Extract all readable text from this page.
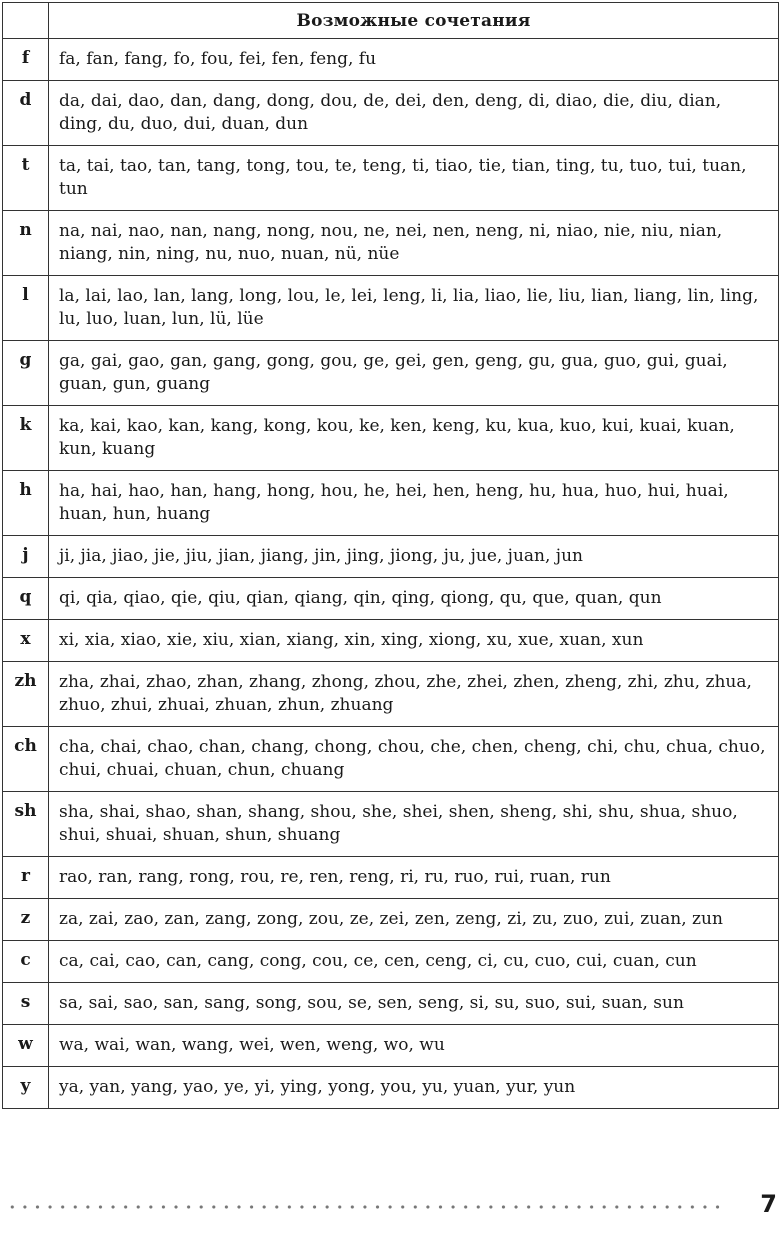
	Возможные сочетания
f	fa, fan, fang, fo, fou, fei, fen, feng, fu
d	da, dai, dao, dan, dang, dong, dou, de, dei, den, deng, di, diao, die, diu, dian, ding, du, duo, dui, duan, dun
t	ta, tai, tao, tan, tang, tong, tou, te, teng, ti, tiao, tie, tian, ting, tu, tuo, tui, tuan, tun
n	na, nai, nao, nan, nang, nong, nou, ne, nei, nen, neng, ni, niao, nie, niu, nian, niang, nin, ning, nu, nuo, nuan, nü, nüe
l	la, lai, lao, lan, lang, long, lou, le, lei, leng, li, lia, liao, lie, liu, lian, liang, lin, ling, lu, luo, luan, lun, lü, lüe
g	ga, gai, gao, gan, gang, gong, gou, ge, gei, gen, geng, gu, gua, guo, gui, guai, guan, gun, guang
k	ka, kai, kao, kan, kang, kong, kou, ke, ken, keng, ku, kua, kuo, kui, kuai, kuan, kun, kuang
h	ha, hai, hao, han, hang, hong, hou, he, hei, hen, heng, hu, hua, huo, hui, huai, huan, hun, huang
j	ji, jia, jiao, jie, jiu, jian, jiang, jin, jing, jiong, ju, jue, juan, jun
q	qi, qia, qiao, qie, qiu, qian, qiang, qin, qing, qiong, qu, que, quan, qun
x	xi, xia, xiao, xie, xiu, xian, xiang, xin, xing, xiong, xu, xue, xuan, xun
zh	zha, zhai, zhao, zhan, zhang, zhong, zhou, zhe, zhei, zhen, zheng, zhi, zhu, zhua, zhuo, zhui, zhuai, zhuan, zhun, zhuang
ch	cha, chai, chao, chan, chang, chong, chou, che, chen, cheng, chi, chu, chua, chuo, chui, chuai, chuan, chun, chuang
sh	sha, shai, shao, shan, shang, shou, she, shei, shen, sheng, shi, shu, shua, shuo, shui, shuai, shuan, shun, shuang
r	rao, ran, rang, rong, rou, re, ren, reng, ri, ru, ruo, rui, ruan, run
z	za, zai, zao, zan, zang, zong, zou, ze, zei, zen, zeng, zi, zu, zuo, zui, zuan, zun
c	ca, cai, cao, can, cang, cong, cou, ce, cen, ceng, ci, cu, cuo, cui, cuan, cun
s	sa, sai, sao, san, sang, song, sou, se, sen, seng, si, su, suo, sui, suan, sun
w	wa, wai, wan, wang, wei, wen, weng, wo, wu
y	ya, yan, yang, yao, ye, yi, ying, yong, you, yu, yuan, yur, yun
7
